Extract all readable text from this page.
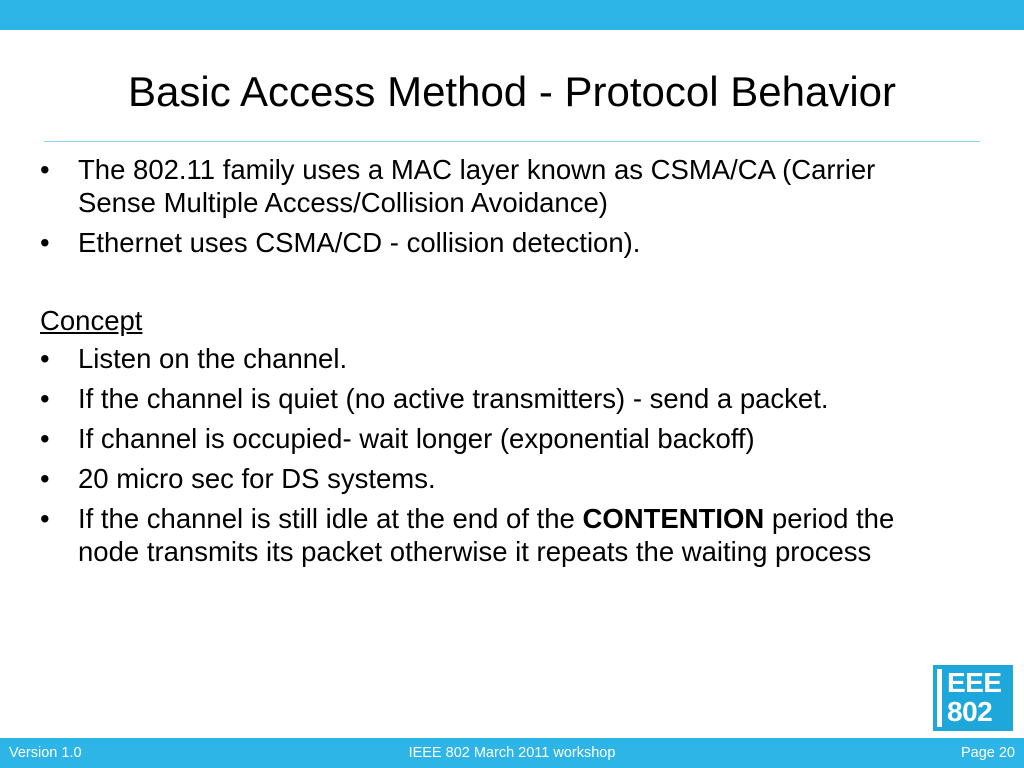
Basic Access Method - Protocol Behavior
•	The 802.11 family uses a MAC layer known as CSMA/CA (Carrier Sense Multiple Access/Collision Avoidance)
•	Ethernet uses CSMA/CD - collision detection).
Concept
•	Listen on the channel.
•	If the channel is quiet (no active transmitters) - send a packet.
•	If channel is occupied- wait longer (exponential backoff)
•	20 micro sec for DS systems.
•	If the channel is still idle at the end of the CONTENTION period the node transmits its packet otherwise it repeats the waiting process
EEE
802
Version 1.0	IEEE 802 March 2011 workshop	Page 20
